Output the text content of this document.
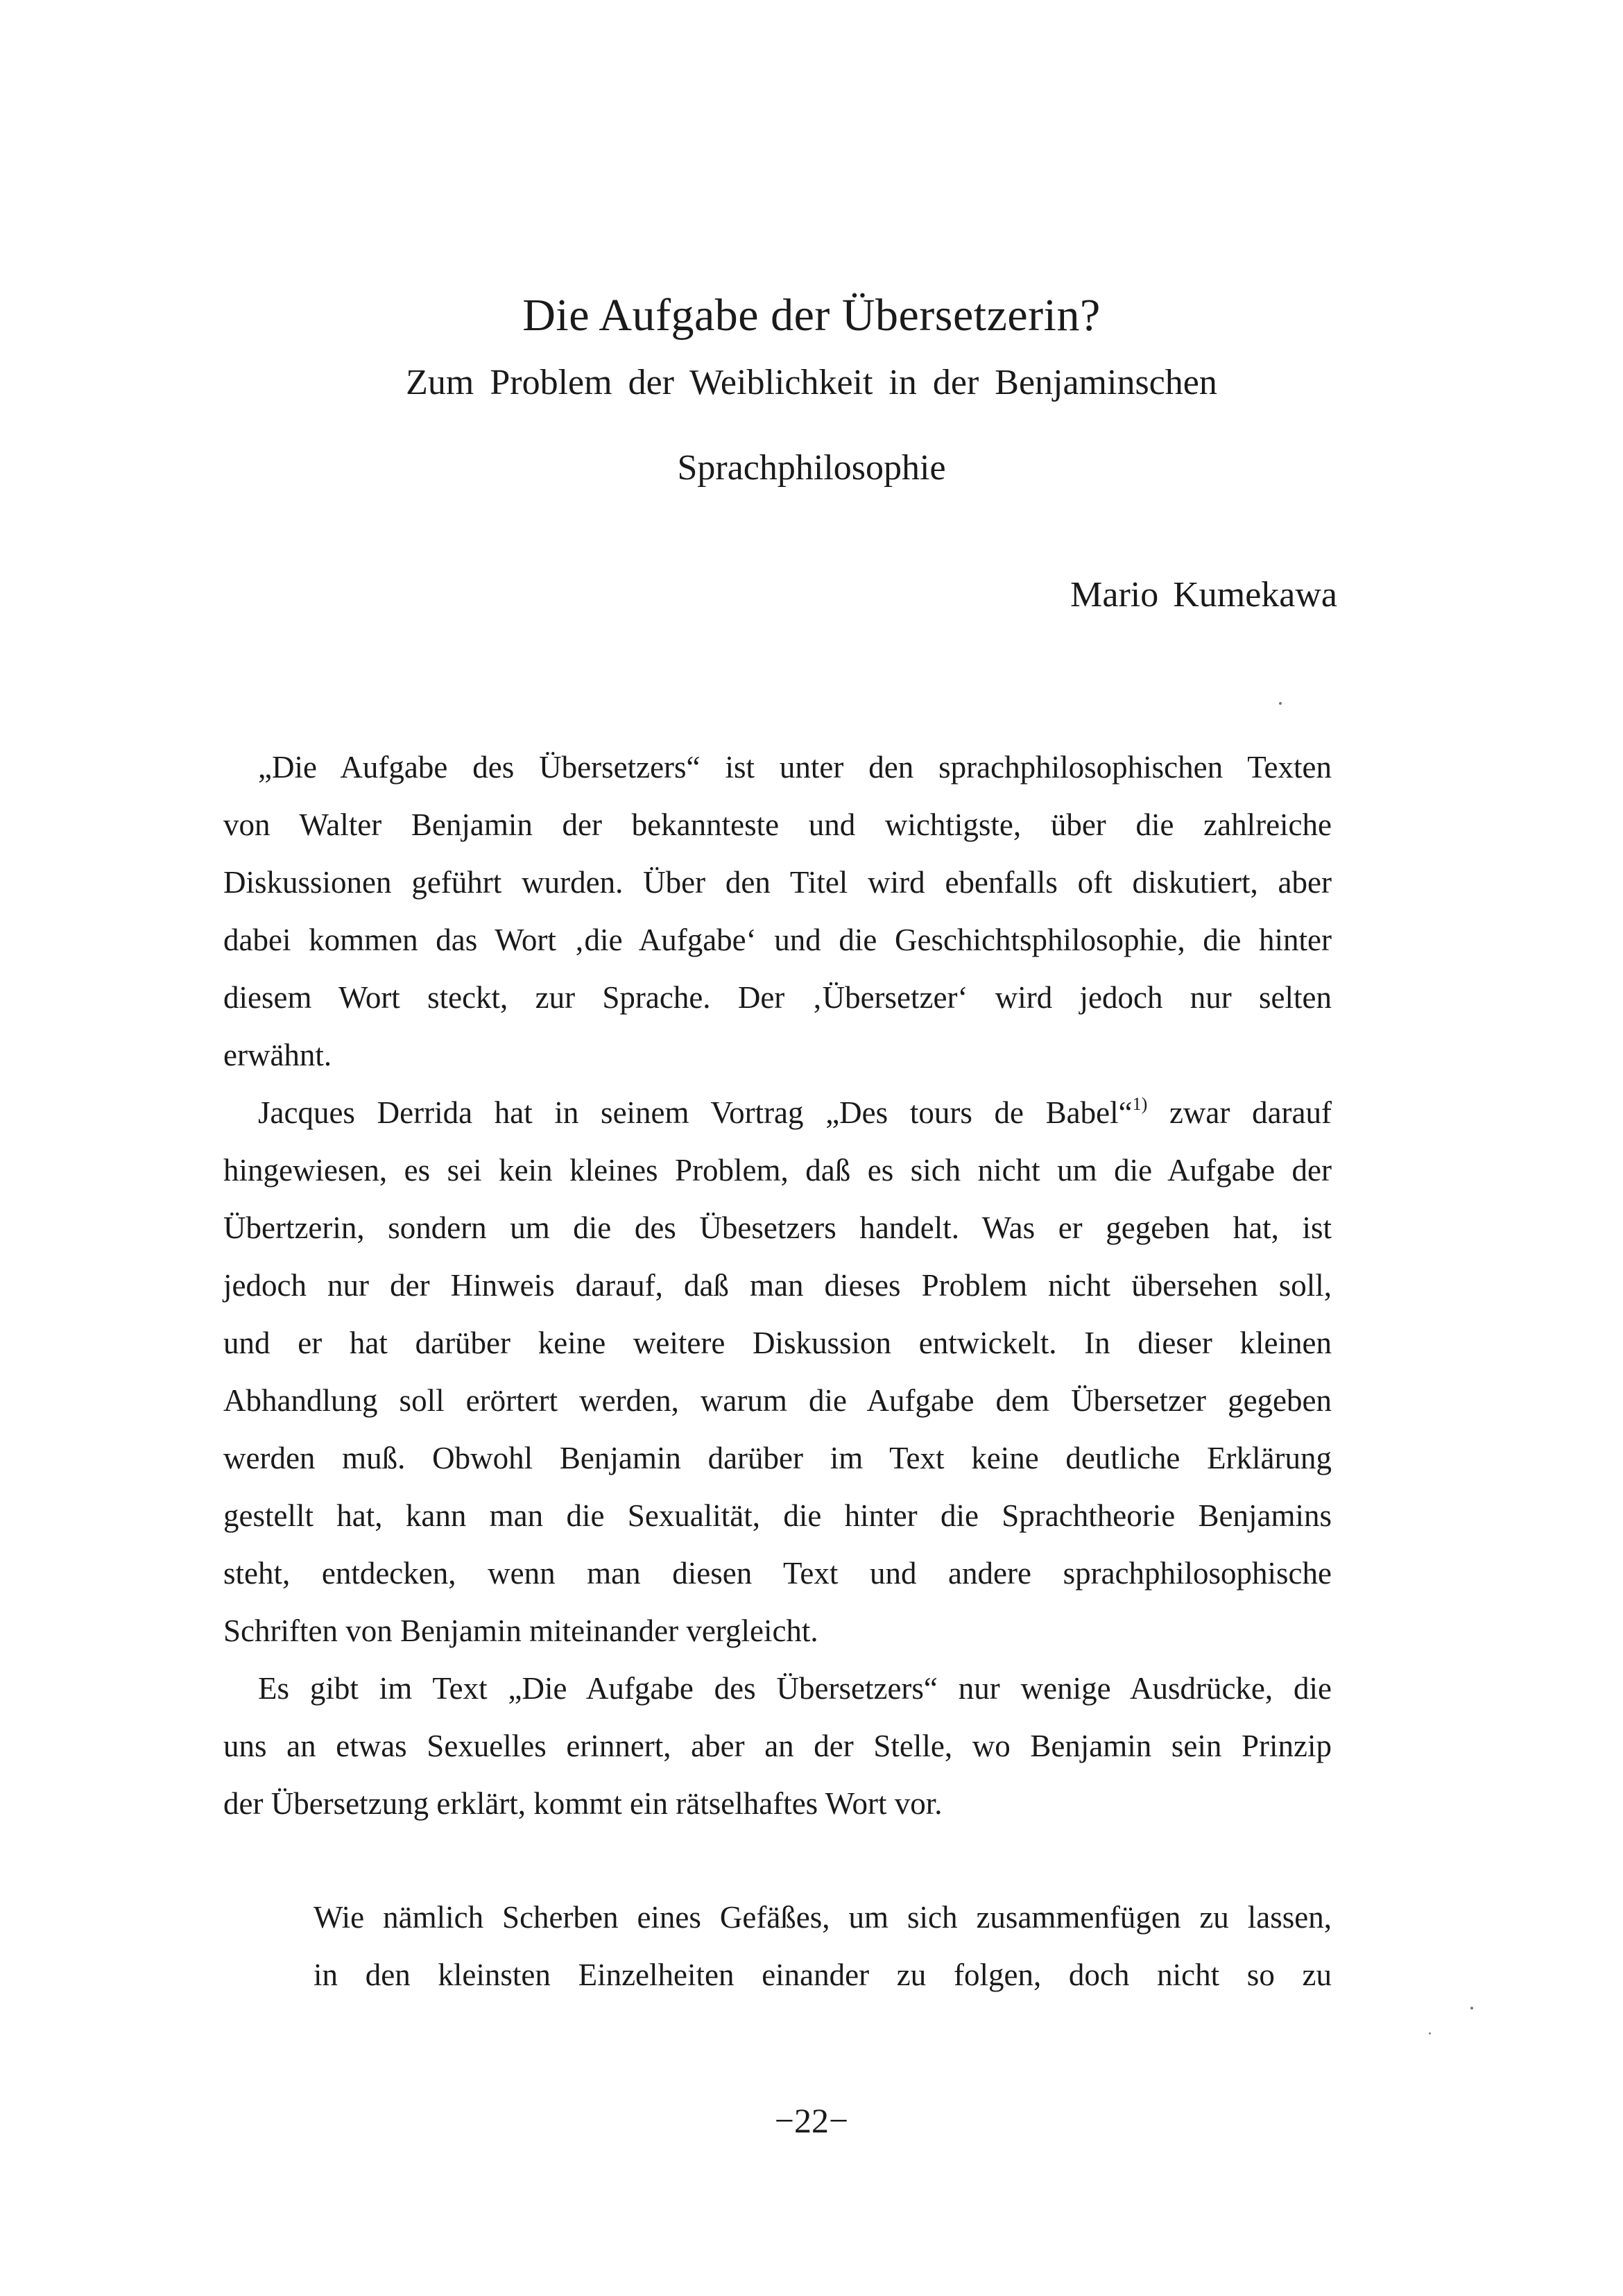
Die Aufgabe der Übersetzerin?
Zum Problem der Weiblichkeit in der Benjaminschen
Sprachphilosophie
Mario Kumekawa
„Die Aufgabe des Übersetzers“ ist unter den sprachphilosophischen Texten
von Walter Benjamin der bekannteste und wichtigste, über die zahlreiche
Diskussionen geführt wurden. Über den Titel wird ebenfalls oft diskutiert, aber
dabei kommen das Wort ‚die Aufgabe‘ und die Geschichtsphilosophie, die hinter
diesem Wort steckt, zur Sprache. Der ‚Übersetzer‘ wird jedoch nur selten
erwähnt.
Jacques Derrida hat in seinem Vortrag „Des tours de Babel“$^{1)}$ zwar darauf
hingewiesen, es sei kein kleines Problem, daß es sich nicht um die Aufgabe der
Übertzerin, sondern um die des Übesetzers handelt. Was er gegeben hat, ist
jedoch nur der Hinweis darauf, daß man dieses Problem nicht übersehen soll,
und er hat darüber keine weitere Diskussion entwickelt. In dieser kleinen
Abhandlung soll erörtert werden, warum die Aufgabe dem Übersetzer gegeben
werden muß. Obwohl Benjamin darüber im Text keine deutliche Erklärung
gestellt hat, kann man die Sexualität, die hinter die Sprachtheorie Benjamins
steht, entdecken, wenn man diesen Text und andere sprachphilosophische
Schriften von Benjamin miteinander vergleicht.
Es gibt im Text „Die Aufgabe des Übersetzers“ nur wenige Ausdrücke, die
uns an etwas Sexuelles erinnert, aber an der Stelle, wo Benjamin sein Prinzip
der Übersetzung erklärt, kommt ein rätselhaftes Wort vor.
Wie nämlich Scherben eines Gefäßes, um sich zusammenfügen zu lassen,
in den kleinsten Einzelheiten einander zu folgen, doch nicht so zu
−22−
